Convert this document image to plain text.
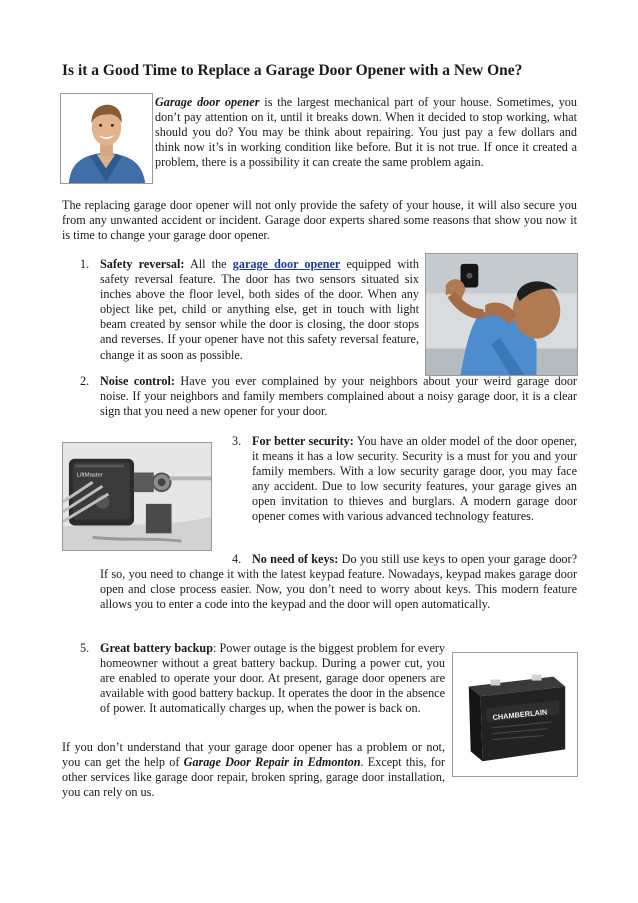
Is it a Good Time to Replace a Garage Door Opener with a New One?
Garage door opener is the largest mechanical part of your house. Sometimes, you don’t pay attention on it, until it breaks down. When it decided to stop working, what should you do? You may be think about repairing. You just pay a few dollars and think now it’s in working condition like before. But it is not true. If once it created a problem, there is a possibility it can create the same problem again.
The replacing garage door opener will not only provide the safety of your house, it will also secure you from any unwanted accident or incident. Garage door experts shared some reasons that show you now it is time to change your garage door opener.
1. Safety reversal: All the garage door opener equipped with safety reversal feature. The door has two sensors situated six inches above the floor level, both sides of the door. When any object like pet, child or anything else, get in touch with light beam created by sensor while the door is closing, the door stops and reverses. If your opener have not this safety reversal feature, change it as soon as possible.
2. Noise control: Have you ever complained by your neighbors about your weird garage door noise. If your neighbors and family members complained about a noisy garage door, it is a clear sign that you need a new opener for your door.
LiftMaster
3. For better security: You have an older model of the door opener, it means it has a low security. Security is a must for you and your family members. With a low security garage door, you may face any accident. Due to low security features, your garage gives an open invitation to thieves and burglars. A modern garage door opener comes with various advanced technology features.
4. No need of keys: Do you still use keys to open your garage door? If so, you need to change it with the latest keypad feature. Nowadays, keypad makes garage door open and close process easier. Now, you don’t need to worry about keys. This modern feature allows you to enter a code into the keypad and the door will open automatically.
5. Great battery backup: Power outage is the biggest problem for every homeowner without a great battery backup. During a power cut, you are enabled to operate your door. At present, garage door openers are available with good battery backup. It operates the door in the absence of power. It automatically charges up, when the power is back on.	CHAMBERLAIN
If you don’t understand that your garage door opener has a problem or not, you can get the help of Garage Door Repair in Edmonton. Except this, for other services like garage door repair, broken spring, garage door installation, you can rely on us.
